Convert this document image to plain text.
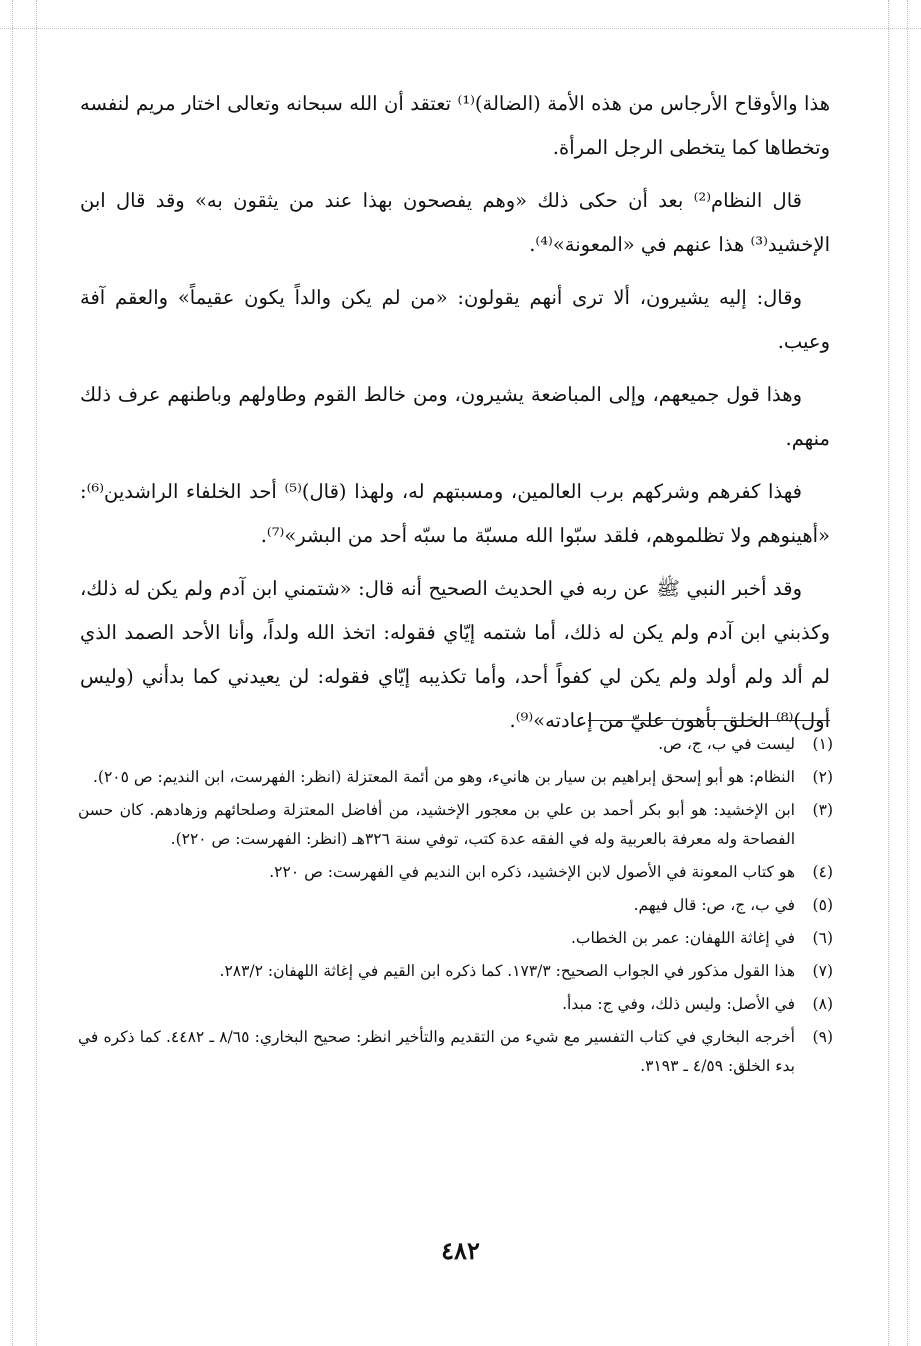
هذا والأوقاح الأرجاس من هذه الأمة (الضالة)⁽¹⁾ تعتقد أن الله سبحانه وتعالى اختار مريم لنفسه وتخطاها كما يتخطى الرجل المرأة.

قال النظام⁽²⁾ بعد أن حكى ذلك «وهم يفصحون بهذا عند من يثقون به» وقد قال ابن الإخشيد⁽³⁾ هذا عنهم في «المعونة»⁽⁴⁾.

وقال: إليه يشيرون، ألا ترى أنهم يقولون: «من لم يكن والداً يكون عقيماً» والعقم آفة وعيب.

وهذا قول جميعهم، وإلى المباضعة يشيرون، ومن خالط القوم وطاولهم وباطنهم عرف ذلك منهم.

فهذا كفرهم وشركهم برب العالمين، ومسبتهم له، ولهذا (قال)⁽⁵⁾ أحد الخلفاء الراشدين⁽⁶⁾: «أهينوهم ولا تظلموهم، فلقد سبّوا الله مسبّة ما سبّه أحد من البشر»⁽⁷⁾.

وقد أخبر النبي ﷺ عن ربه في الحديث الصحيح أنه قال: «شتمني ابن آدم ولم يكن له ذلك، وكذبني ابن آدم ولم يكن له ذلك، أما شتمه إيّاي فقوله: اتخذ الله ولداً، وأنا الأحد الصمد الذي لم ألد ولم أولد ولم يكن لي كفواً أحد، وأما تكذيبه إيّاي فقوله: لن يعيدني كما بدأني (وليس أول)⁽⁸⁾ الخلق بأهون عليّ من إعادته»⁽⁹⁾.

(١)
ليست في ب، ج، ص.
(٢)
النظام: هو أبو إسحق إبراهيم بن سيار بن هانيء، وهو من أئمة المعتزلة (انظر: الفهرست، ابن النديم: ص ٢٠٥).
(٣)
ابن الإخشيد: هو أبو بكر أحمد بن علي بن معجور الإخشيد، من أفاضل المعتزلة وصلحائهم وزهادهم. كان حسن الفصاحة وله معرفة بالعربية وله في الفقه عدة كتب، توفي سنة ٣٢٦هـ (انظر: الفهرست: ص ٢٢٠).
(٤)
هو كتاب المعونة في الأصول لابن الإخشيد، ذكره ابن النديم في الفهرست: ص ٢٢٠.
(٥)
في ب، ج، ص: قال فيهم.
(٦)
في إغاثة اللهفان: عمر بن الخطاب.
(٧)
هذا القول مذكور في الجواب الصحيح: ١٧٣/٣. كما ذكره ابن القيم في إغاثة اللهفان: ٢٨٣/٢.
(٨)
في الأصل: وليس ذلك، وفي ج: مبدأ.
(٩)
أخرجه البخاري في كتاب التفسير مع شيء من التقديم والتأخير انظر: صحيح البخاري: ٨/٦٥ ـ ٤٤٨٢. كما ذكره في بدء الخلق: ٤/٥٩ ـ ٣١٩٣.
٤٨٢
